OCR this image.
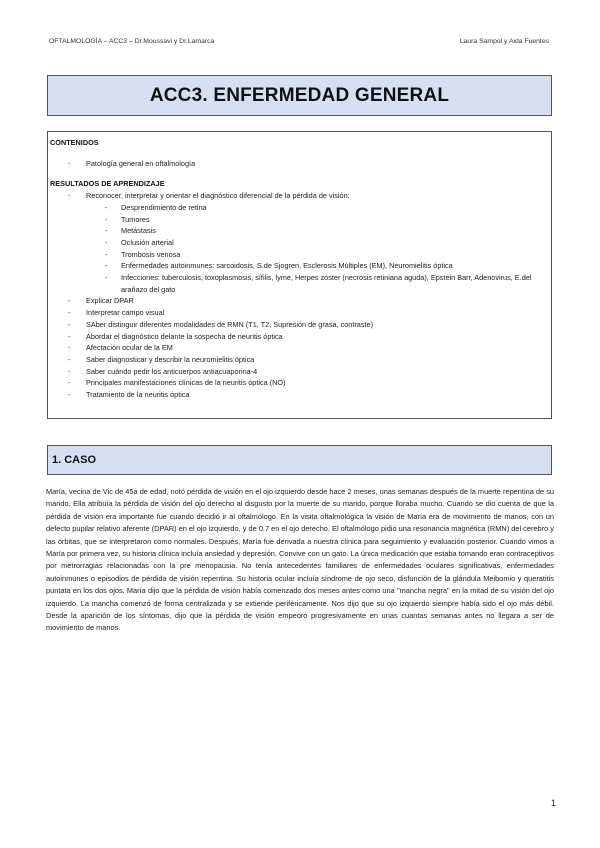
OFTALMOLOGÍA – ACC3 – Dr.Moussavi y Dr.Lamarca	Laura Sampol y Aida Fuentes
ACC3. ENFERMEDAD GENERAL
CONTENIDOS
- Patología general en oftalmología
RESULTADOS DE APRENDIZAJE
- Reconocer, interpretar y orientar el diagnóstico diferencial de la pérdida de visión:
- Desprendimiento de retina
- Tumores
- Metástasis
- Oclusión arterial
- Trombosis venosa
- Enfermedades autoinmunes: sarcoidosis, S.de Sjogren, Esclerosis Múltiples (EM), Neuromielitis óptica
- Infecciones: tuberculosis, toxoplasmosis, sífilis, lyme, Herpes zóster (necrosis retiniana aguda), Epstein Barr, Adenovirus, E.del arañazo del gato
- Explicar DPAR
- Interpretar campo visual
- SAber distinguir diferentes modalidades de RMN (T1, T2, Supresión de grasa, contraste)
- Abordar el diagnóstico delante la sospecha de neuritis óptica
- Afectación ocular de la EM
- Saber diagnosticar y describir la neuromielitis óptica
- Saber cuándo pedir los anticuerpos antiacuaporina-4
- Principales manifestaciones clínicas de la neuritis óptica (NO)
- Tratamiento de la neuritis óptica
1. CASO

María, vecina de Vic de 45a de edad, notó pérdida de visión en el ojo izquierdo desde hace 2 meses, unas semanas después de la muerte repentina de su marido. Ella atribuía la pérdida de visión del ojo derecho al disgusto por la muerte de su marido, porque lloraba mucho. Cuando se dio cuenta de que la pérdida de visión era importante fue cuando decidió ir al oftalmólogo. En la visita oftalmológica la visión de María era de movimiento de manos, con un defecto pupilar relativo aferente (DPAR) en el ojo izquierdo, y de 0.7 en el ojo derecho. El oftalmólogo pidió una resonancia magnética (RMN) del cerebro y las órbitas, que se interpretaron como normales. Después, María fue derivada a nuestra clínica para seguimiento y evaluación posterior. Cuando vimos a María por primera vez, su historia clínica incluía ansiedad y depresión. Convive con un gato. La única medicación que estaba tomando eran contraceptivos por metrorragias relacionadas con la pre menopausia. No tenía antecedentes familiares de enfermedades oculares significativas, enfermedades autoinmunes o episodios de pérdida de visión repentina. Su historia ocular incluía síndrome de ojo seco, disfunción de la glándula Meibomio y queratitis puntata en los dos ojos. María dijo que la pérdida de visión había comenzado dos meses antes como una "mancha negra" en la mitad de su visión del ojo izquierdo. La mancha comenzó de forma centralizada y se extiende periféricamente. Nos dijo que su ojo izquierdo siempre había sido el ojo más débil. Desde la aparición de los síntomas, dijo que la pérdida de visión empeoró progresivamente en unas cuantas semanas antes no llegara a ser de movimiento de manos.

1
